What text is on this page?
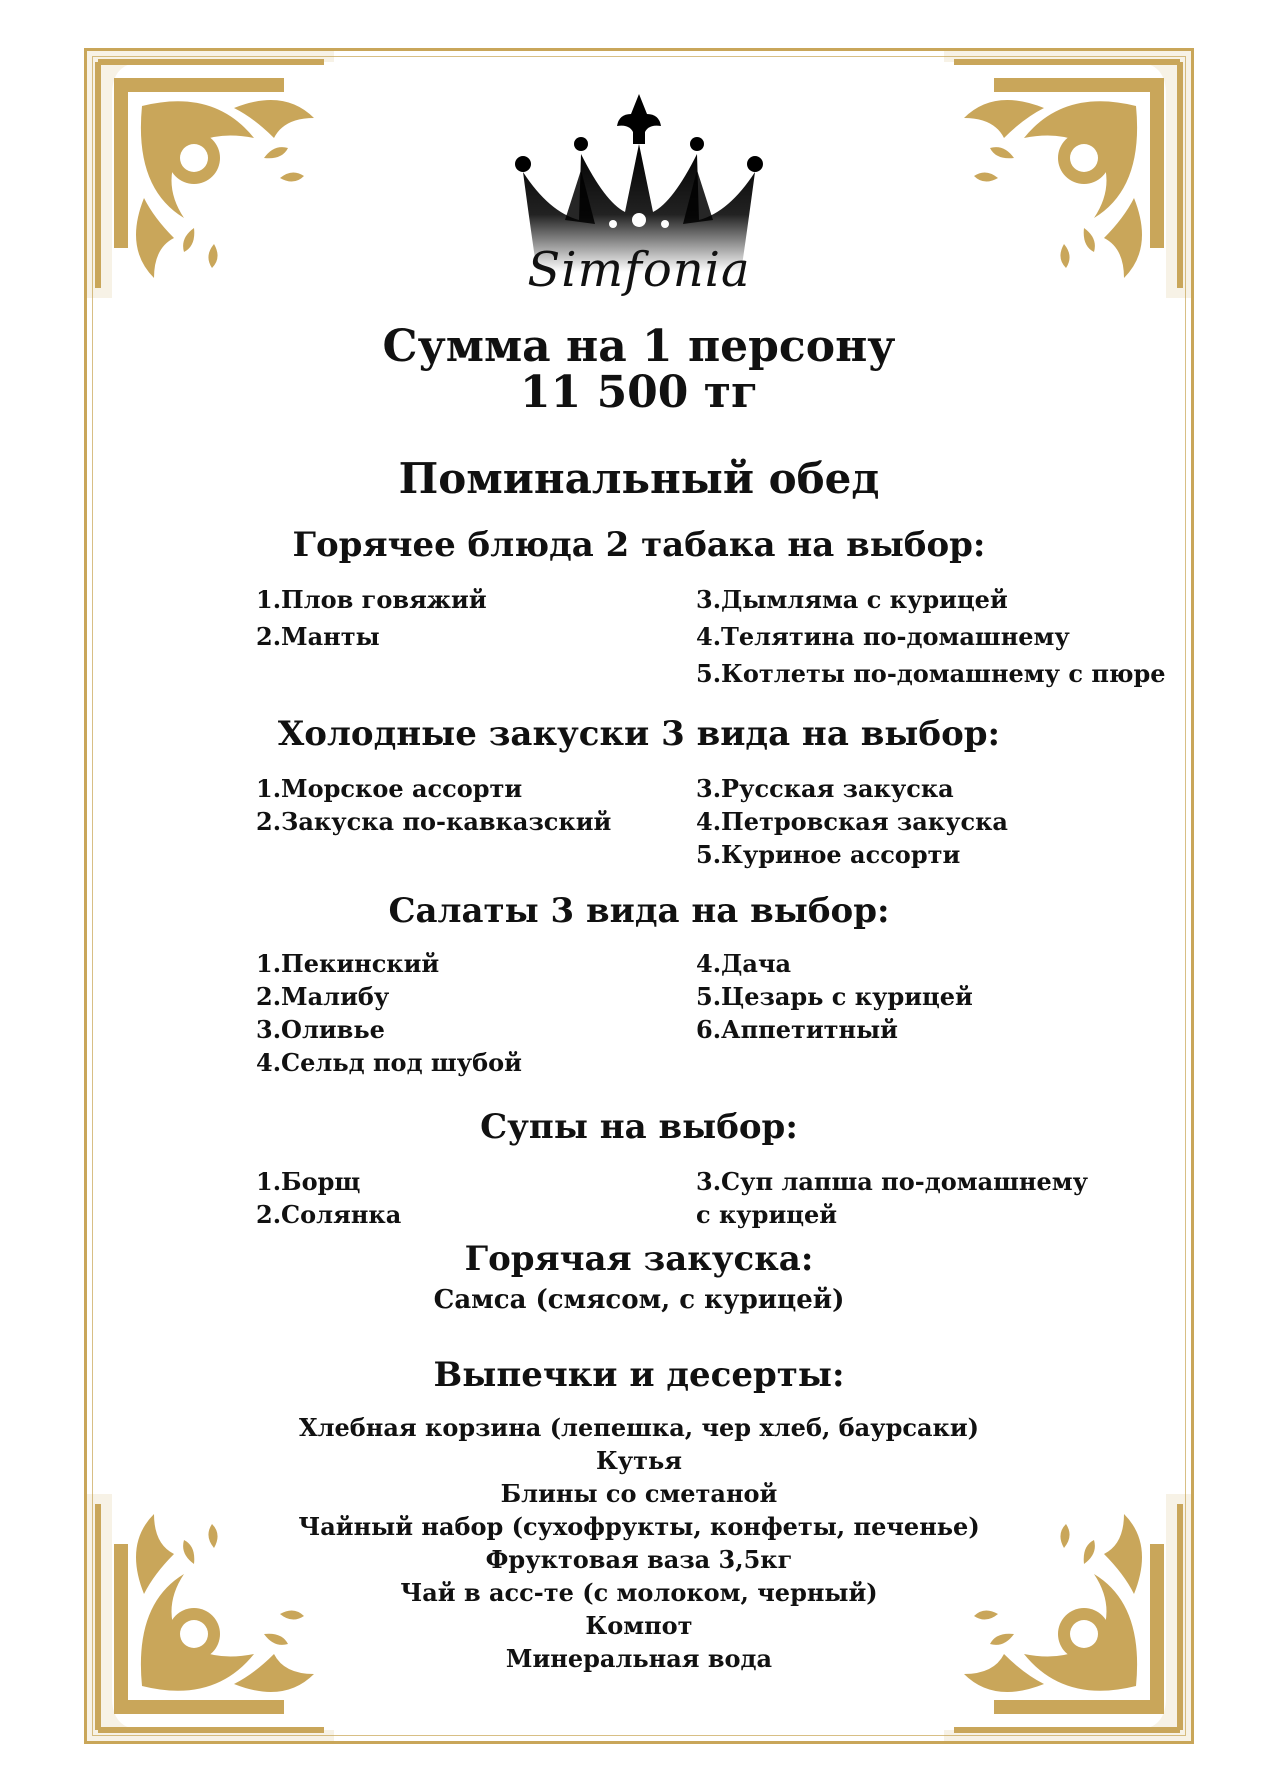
Simfonia
Сумма на 1 персону
11 500 тг
Поминальный обед
Горячее блюда 2 табака на выбор:
1.Плов говяжий
2.Манты
3.Дымляма с курицей
4.Телятина по-домашнему
5.Котлеты по-домашнему с пюре
Холодные закуски 3 вида на выбор:
1.Морское ассорти
2.Закуска по-кавказский
3.Русская закуска
4.Петровская закуска
5.Куриное ассорти
Салаты 3 вида на выбор:
1.Пекинский
2.Малибу
3.Оливье
4.Сельд под шубой
4.Дача
5.Цезарь с курицей
6.Аппетитный
Супы на выбор:
1.Борщ
2.Солянка
3.Суп лапша по-домашнему
с курицей
Горячая закуска:
Самса (смясом, с курицей)
Выпечки и десерты:
Хлебная корзина (лепешка, чер хлеб, баурсаки)
Кутья
Блины со сметаной
Чайный набор (сухофрукты, конфеты, печенье)
Фруктовая ваза 3,5кг
Чай в асс-те (с молоком, черный)
Компот
Минеральная вода
